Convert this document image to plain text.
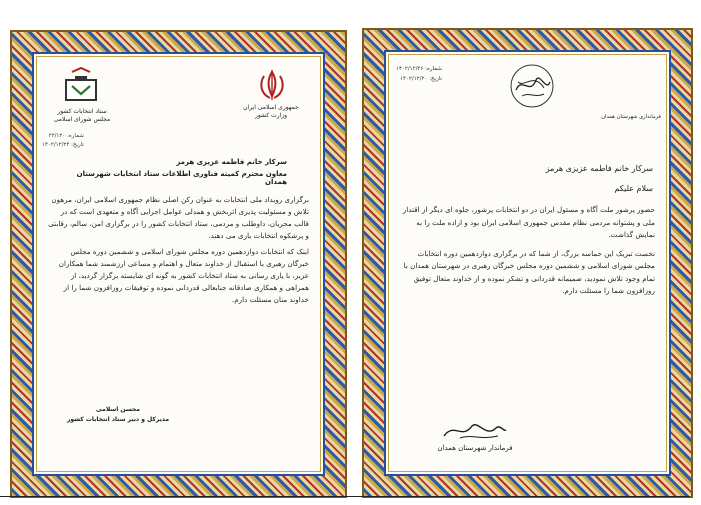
جمهوری اسلامی ایران
وزارت کشور
ستاد انتخابات کشور
مجلس شورای اسلامی
شماره: ۲۲/۱۲۰
تاریخ: ۱۴۰۲/۱۲/۲۴
سرکار خانم فاطمه عزیزی هرمز
معاون محترم کمیته فناوری اطلاعات ستاد انتخابات شهرستان همدان

برگزاری رویداد ملی انتخابات به عنوان رکن اصلی نظام جمهوری اسلامی ایران، مرهون تلاش و مسئولیت پذیری اثربخش و همدلی عوامل اجرایی آگاه و متعهدی است که در قالب مجریان، داوطلب و مردمی، ستاد انتخابات کشور را در برگزاری امن، سالم، رقابتی و پرشکوه انتخابات یاری می دهند.

اینک که انتخابات دوازدهمین دوره مجلس شورای اسلامی و ششمین دوره مجلس خبرگان رهبری با استقبال از خداوند متعال و اهتمام و مساعی ارزشمند شما همکاران عزیز، با یاری رسانی به ستاد انتخابات کشور به گونه ای شایسته برگزار گردید، از همراهی و همکاری صادقانه جنابعالی قدردانی نموده و توفیقات روزافزون شما را از خداوند منان مسئلت دارم.

محسن اسلامی
مدیرکل و دبیر ستاد انتخابات کشور
شماره: ۱۴۰۲/۱۲/۲۶
تاریخ: ۱۴۰۲/۱۲/۲۰
فرمانداری شهرستان همدان
سرکار خانم فاطمه عزیزی هرمز
سلام علیکم

حضور پرشور ملت آگاه و مسئول ایران در دو انتخابات پرشور، جلوه ای دیگر از اقتدار ملی و پشتوانه مردمی نظام مقدس جمهوری اسلامی ایران بود و اراده ملت را به نمایش گذاشت.

نخست تبریک این حماسه بزرگ، از شما که در برگزاری دوازدهمین دوره انتخابات مجلس شورای اسلامی و ششمین دوره مجلس خبرگان رهبری در شهرستان همدان با تمام وجود تلاش نمودید، صمیمانه قدردانی و تشکر نموده و از خداوند متعال توفیق روزافزون شما را مسئلت دارم.

فرماندار شهرستان همدان
